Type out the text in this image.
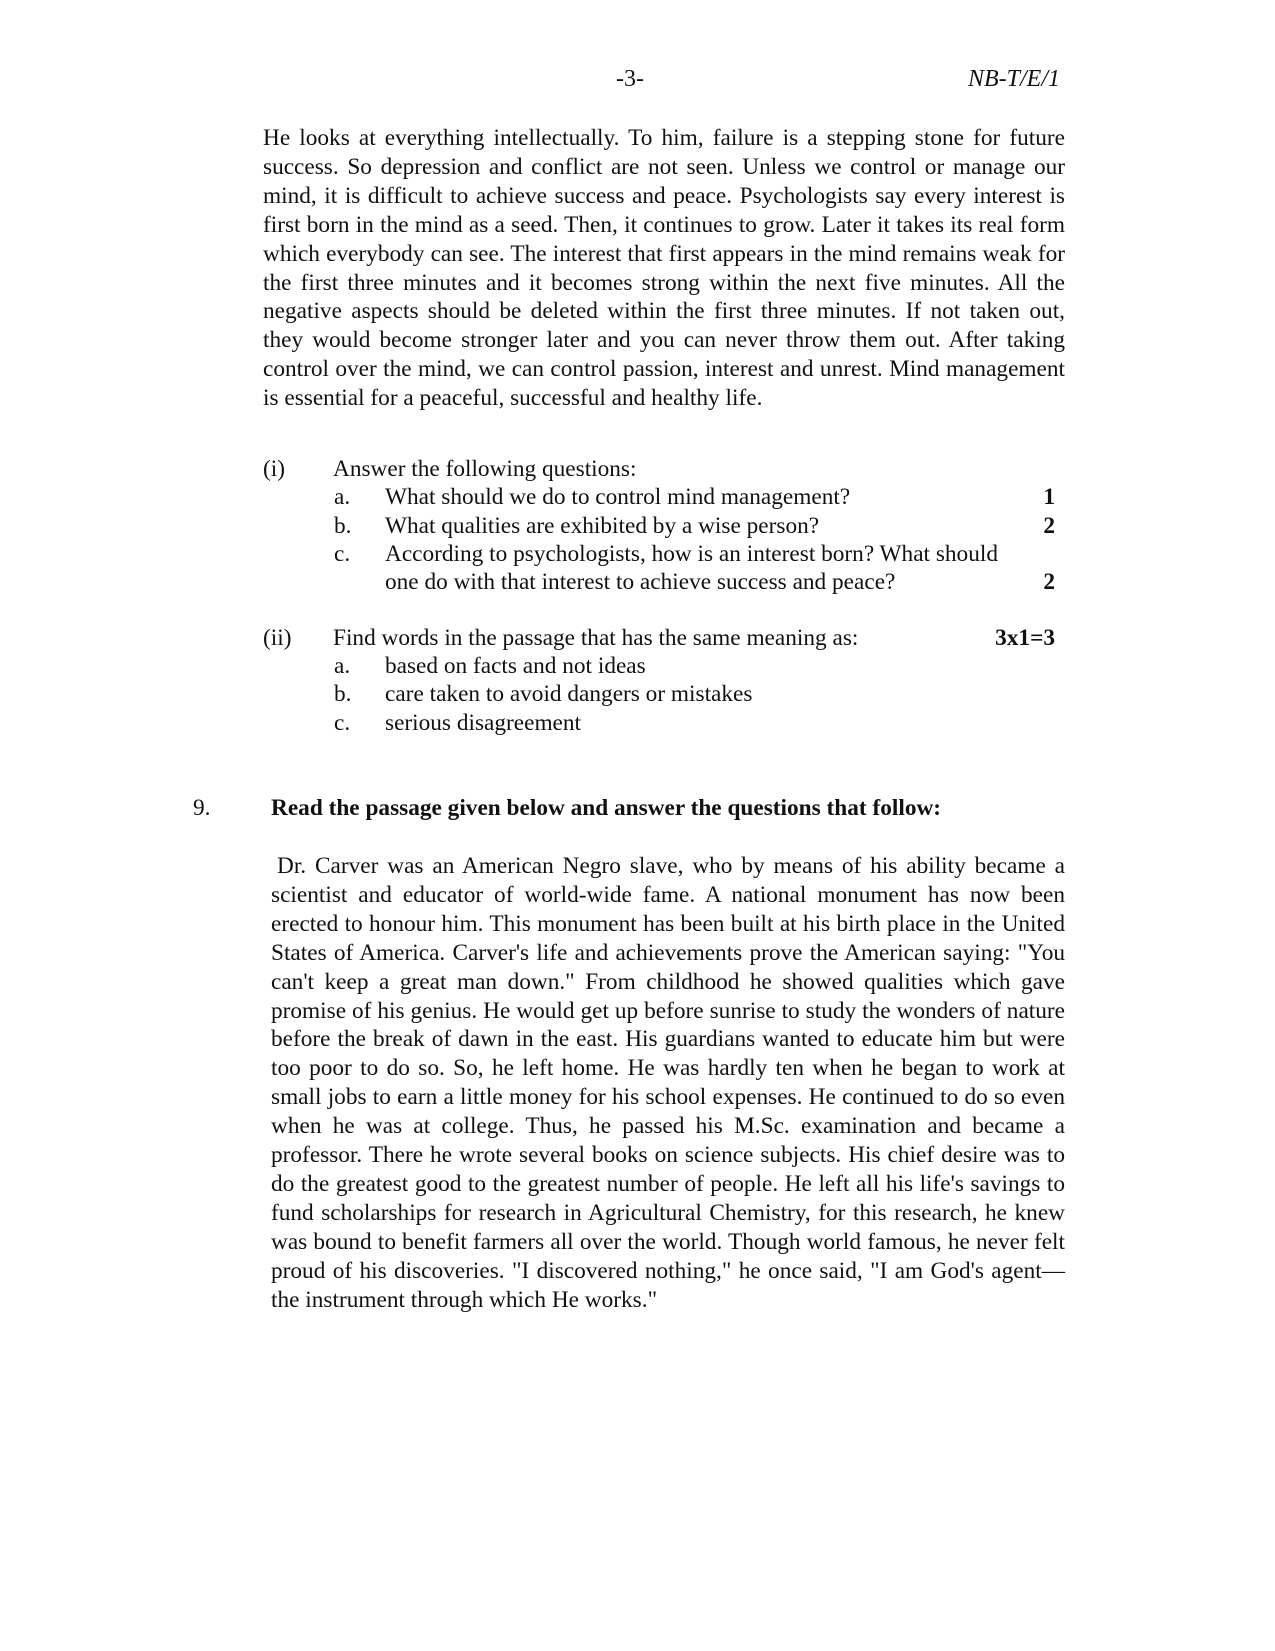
-3-	NB-T/E/1
He looks at everything intellectually. To him, failure is a stepping stone for future success. So depression and conflict are not seen. Unless we control or manage our mind, it is difficult to achieve success and peace. Psychologists say every interest is first born in the mind as a seed. Then, it continues to grow. Later it takes its real form which everybody can see. The interest that first appears in the mind remains weak for the first three minutes and it becomes strong within the next five minutes. All the negative aspects should be deleted within the first three minutes. If not taken out, they would become stronger later and you can never throw them out. After taking control over the mind, we can control passion, interest and unrest. Mind management is essential for a peaceful, successful and healthy life.
(i) Answer the following questions:
a. What should we do to control mind management?	1
b. What qualities are exhibited by a wise person?	2
c. According to psychologists, how is an interest born? What should
one do with that interest to achieve success and peace?	2
(ii) Find words in the passage that has the same meaning as:	3x1=3
a. based on facts and not ideas
b. care taken to avoid dangers or mistakes
c. serious disagreement
9.	Read the passage given below and answer the questions that follow:
Dr. Carver was an American Negro slave, who by means of his ability became a scientist and educator of world-wide fame. A national monument has now been erected to honour him. This monument has been built at his birth place in the United States of America. Carver's life and achievements prove the American saying: "You can't keep a great man down." From childhood he showed qualities which gave promise of his genius. He would get up before sunrise to study the wonders of nature before the break of dawn in the east. His guardians wanted to educate him but were too poor to do so. So, he left home. He was hardly ten when he began to work at small jobs to earn a little money for his school expenses. He continued to do so even when he was at college. Thus, he passed his M.Sc. examination and became a professor. There he wrote several books on science subjects. His chief desire was to do the greatest good to the greatest number of people. He left all his life's savings to fund scholarships for research in Agricultural Chemistry, for this research, he knew was bound to benefit farmers all over the world. Though world famous, he never felt proud of his discoveries. "I discovered nothing," he once said, "I am God's agent—the instrument through which He works."
